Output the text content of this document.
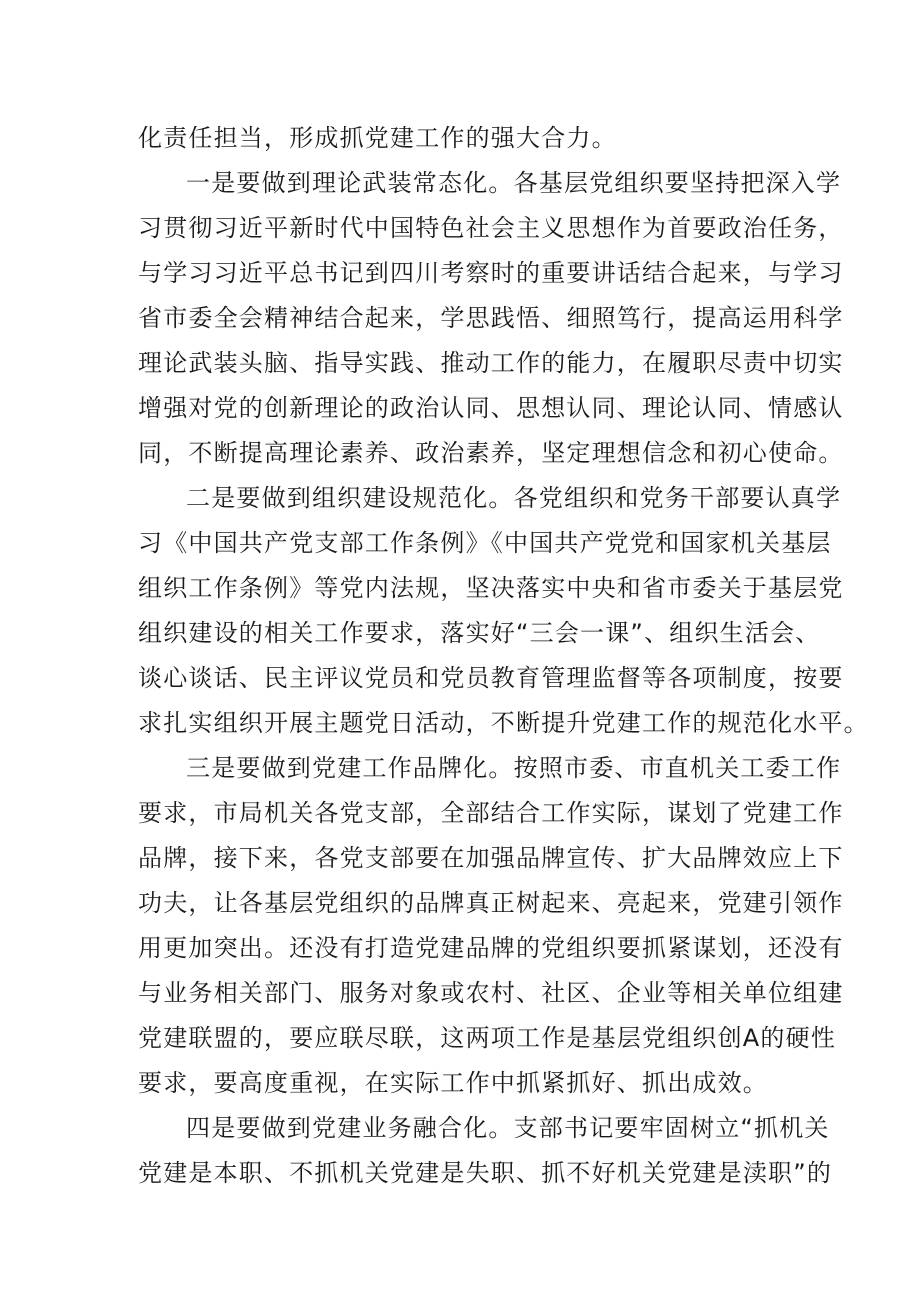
化责任担当，形成抓党建工作的强大合力。
一是要做到理论武装常态化。各基层党组织要坚持把深入学
习贯彻习近平新时代中国特色社会主义思想作为首要政治任务，
与学习习近平总书记到四川考察时的重要讲话结合起来，与学习
省市委全会精神结合起来，学思践悟、细照笃行，提高运用科学
理论武装头脑、指导实践、推动工作的能力，在履职尽责中切实
增强对党的创新理论的政治认同、思想认同、理论认同、情感认
同，不断提高理论素养、政治素养，坚定理想信念和初心使命。
二是要做到组织建设规范化。各党组织和党务干部要认真学
习《中国共产党支部工作条例》《中国共产党党和国家机关基层
组织工作条例》等党内法规，坚决落实中央和省市委关于基层党
组织建设的相关工作要求，落实好“三会一课”、组织生活会、
谈心谈话、民主评议党员和党员教育管理监督等各项制度，按要
求扎实组织开展主题党日活动，不断提升党建工作的规范化水平。
三是要做到党建工作品牌化。按照市委、市直机关工委工作
要求，市局机关各党支部，全部结合工作实际，谋划了党建工作
品牌，接下来，各党支部要在加强品牌宣传、扩大品牌效应上下
功夫，让各基层党组织的品牌真正树起来、亮起来，党建引领作
用更加突出。还没有打造党建品牌的党组织要抓紧谋划，还没有
与业务相关部门、服务对象或农村、社区、企业等相关单位组建
党建联盟的，要应联尽联，这两项工作是基层党组织创A的硬性
要求，要高度重视，在实际工作中抓紧抓好、抓出成效。
四是要做到党建业务融合化。支部书记要牢固树立“抓机关
党建是本职、不抓机关党建是失职、抓不好机关党建是渎职”的
